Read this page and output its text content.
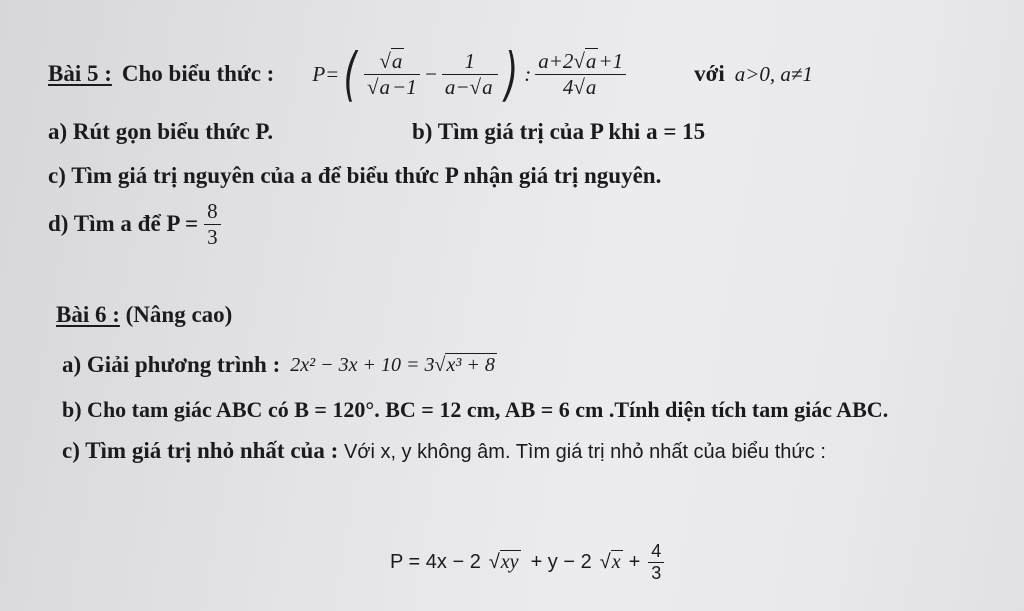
Bài 5 : Cho biểu thức : P= ( $\frac{√a}{√a-1} - \frac{1}{a-√a}$ ) : $\frac{a+2√a+1}{4√a}$	với a>0, a≠1
a) Rút gọn biểu thức P.	b) Tìm giá trị của P khi a = 15
c) Tìm giá trị nguyên của a để biểu thức P nhận giá trị nguyên.
d) Tìm a để $P = \frac{8}{3}$
Bài 6 : (Nâng cao)
a) Giải phương trình : 2x² − 3x + 10 = 3√x³ + 8
b) Cho tam giác ABC có B = 120°. BC = 12 cm, AB = 6 cm .Tính diện tích tam giác ABC.
c) Tìm giá trị nhỏ nhất của : Với x, y không âm. Tìm giá trị nhỏ nhất của biểu thức :
P = 4x − 2 √ xy + y − 2 √ $x + \frac{4}{3}$
